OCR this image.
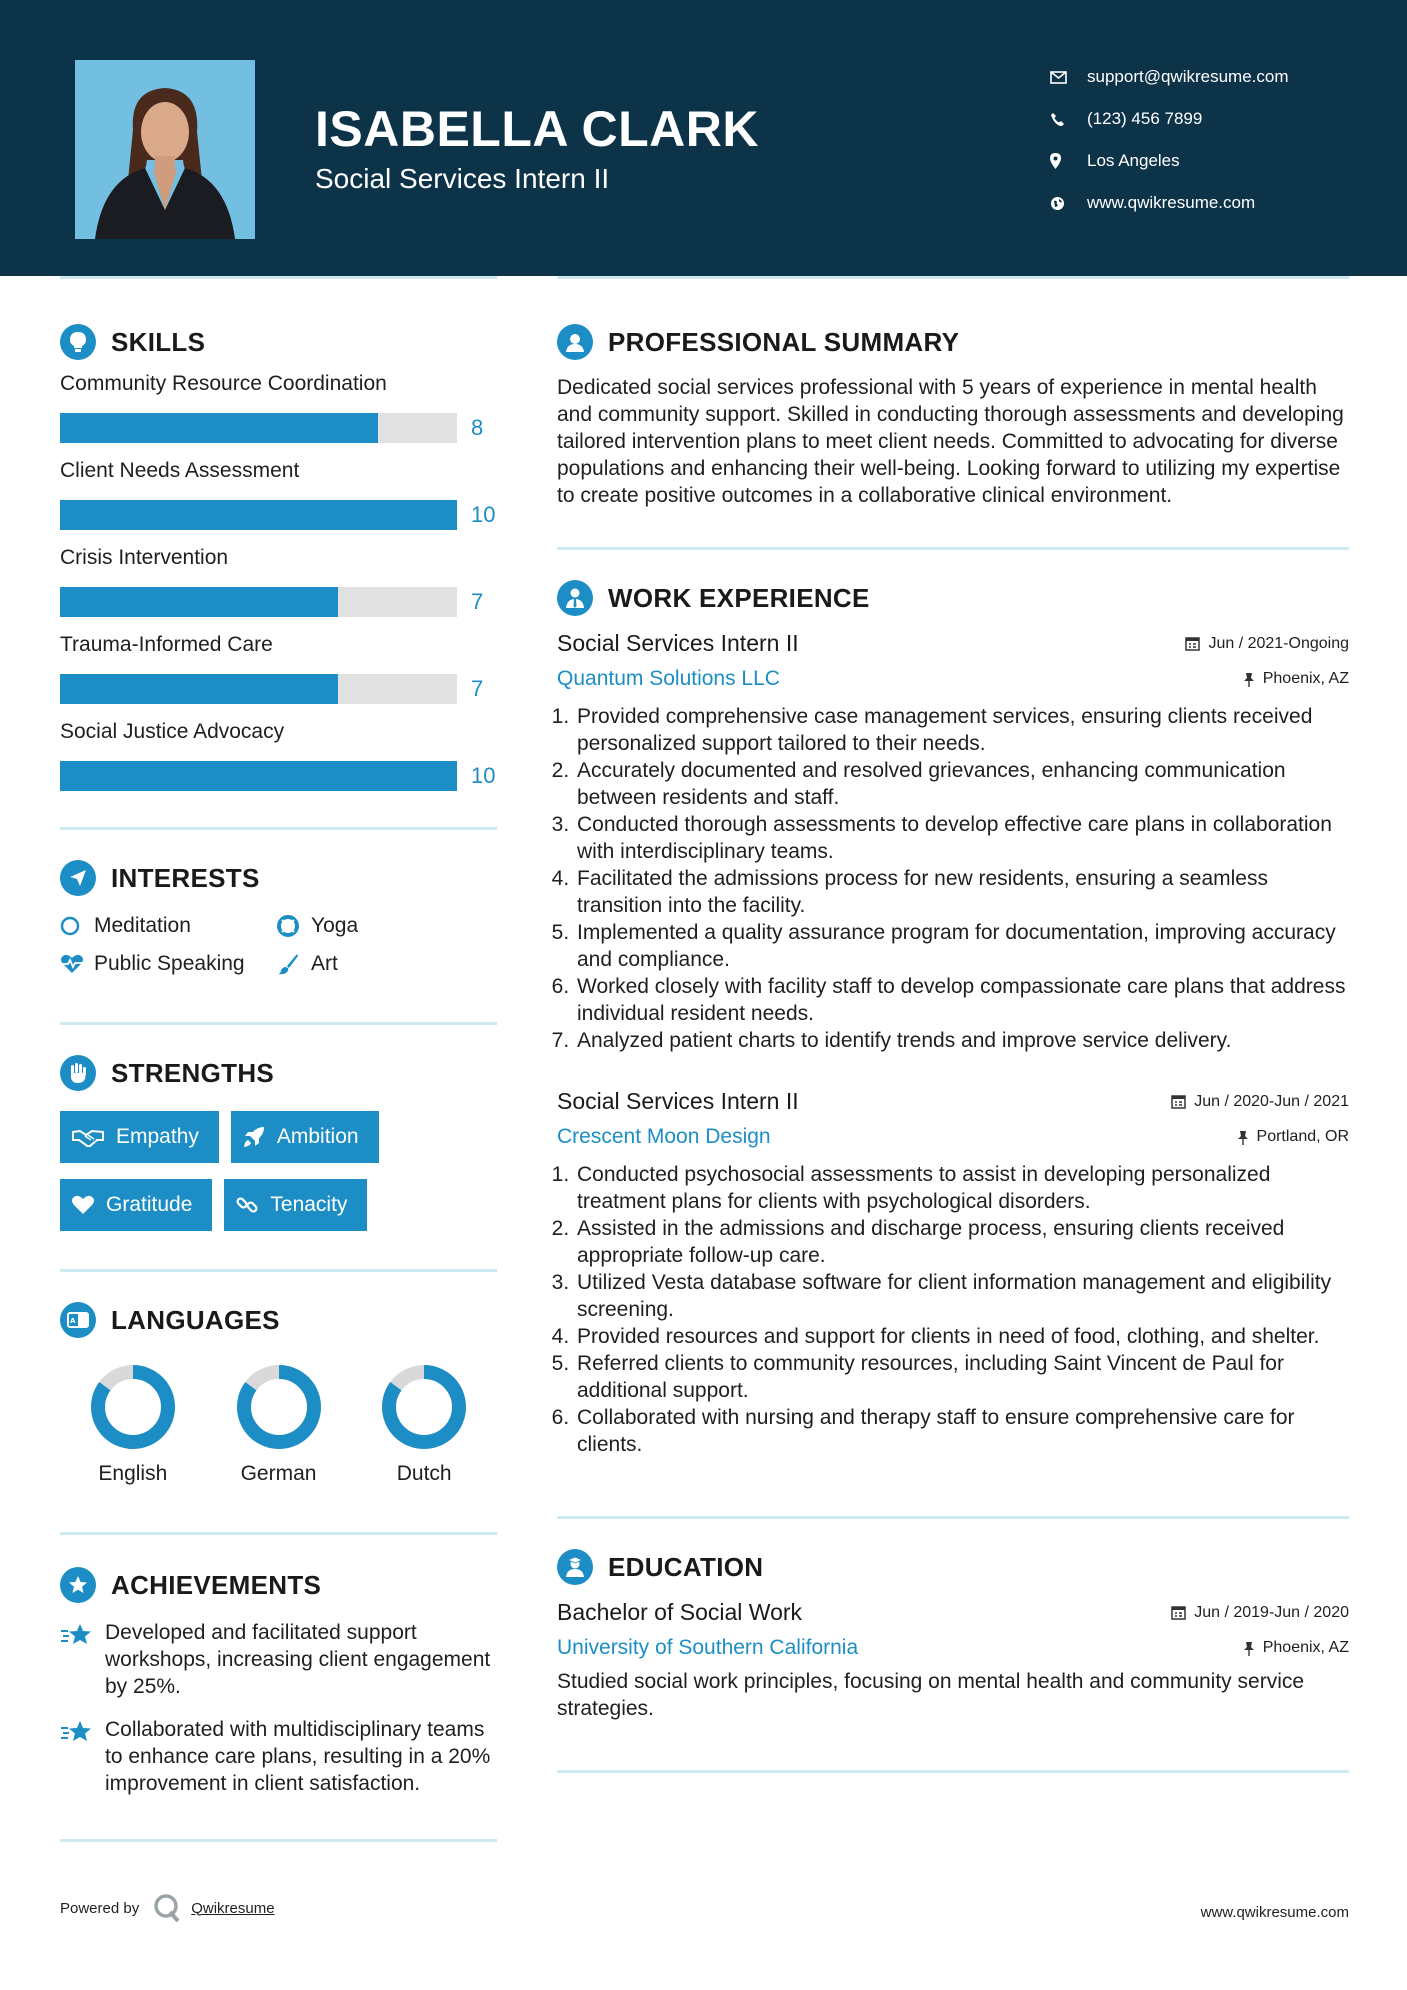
ISABELLA CLARK
Social Services Intern II
support@qwikresume.com
(123) 456 7899
Los Angeles
www.qwikresume.com
SKILLS
Community Resource Coordination
8
Client Needs Assessment
10
Crisis Intervention
7
Trauma-Informed Care
7
Social Justice Advocacy
10
INTERESTS
Meditation	Yoga
Public Speaking	Art
STRENGTHS
Empathy	Ambition
Gratitude	Tenacity
A LANGUAGES
English	German	Dutch
ACHIEVEMENTS
Developed and facilitated support workshops, increasing client engagement by 25%.
Collaborated with multidisciplinary teams to enhance care plans, resulting in a 20% improvement in client satisfaction.
PROFESSIONAL SUMMARY

Dedicated social services professional with 5 years of experience in mental health and community support. Skilled in conducting thorough assessments and developing tailored intervention plans to meet client needs. Committed to advocating for diverse populations and enhancing their well-being. Looking forward to utilizing my expertise to create positive outcomes in a collaborative clinical environment.

WORK EXPERIENCE
Social Services Intern II	Jun / 2021-Ongoing
Quantum Solutions LLC	Phoenix, AZ
1. Provided comprehensive case management services, ensuring clients received personalized support tailored to their needs.
2. Accurately documented and resolved grievances, enhancing communication between residents and staff.
3. Conducted thorough assessments to develop effective care plans in collaboration with interdisciplinary teams.
4. Facilitated the admissions process for new residents, ensuring a seamless transition into the facility.
5. Implemented a quality assurance program for documentation, improving accuracy and compliance.
6. Worked closely with facility staff to develop compassionate care plans that address individual resident needs.
7. Analyzed patient charts to identify trends and improve service delivery.
Social Services Intern II	Jun / 2020-Jun / 2021
Crescent Moon Design	Portland, OR
1. Conducted psychosocial assessments to assist in developing personalized treatment plans for clients with psychological disorders.
2. Assisted in the admissions and discharge process, ensuring clients received appropriate follow-up care.
3. Utilized Vesta database software for client information management and eligibility screening.
4. Provided resources and support for clients in need of food, clothing, and shelter.
5. Referred clients to community resources, including Saint Vincent de Paul for additional support.
6. Collaborated with nursing and therapy staff to ensure comprehensive care for clients.
EDUCATION
Bachelor of Social Work	Jun / 2019-Jun / 2020
University of Southern California	Phoenix, AZ

Studied social work principles, focusing on mental health and community service strategies.

Powered by	Qwikresume	www.qwikresume.com
